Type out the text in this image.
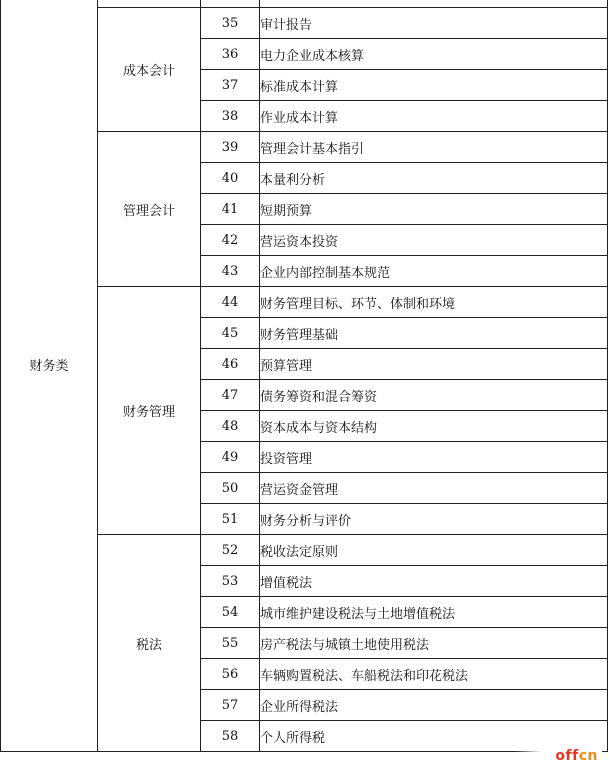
财务类			
	成本会计	35	审计报告
		36	电力企业成本核算
		37	标准成本计算
		38	作业成本计算
	管理会计	39	管理会计基本指引
		40	本量利分析
		41	短期预算
		42	营运资本投资
		43	企业内部控制基本规范
	财务管理	44	财务管理目标、环节、体制和环境
		45	财务管理基础
		46	预算管理
		47	债务筹资和混合筹资
		48	资本成本与资本结构
		49	投资管理
		50	营运资金管理
		51	财务分析与评价
	税法	52	税收法定原则
		53	增值税法
		54	城市维护建设税法与土地增值税法
		55	房产税法与城镇土地使用税法
		56	车辆购置税法、车船税法和印花税法
		57	企业所得税法
		58	个人所得税
off cn
